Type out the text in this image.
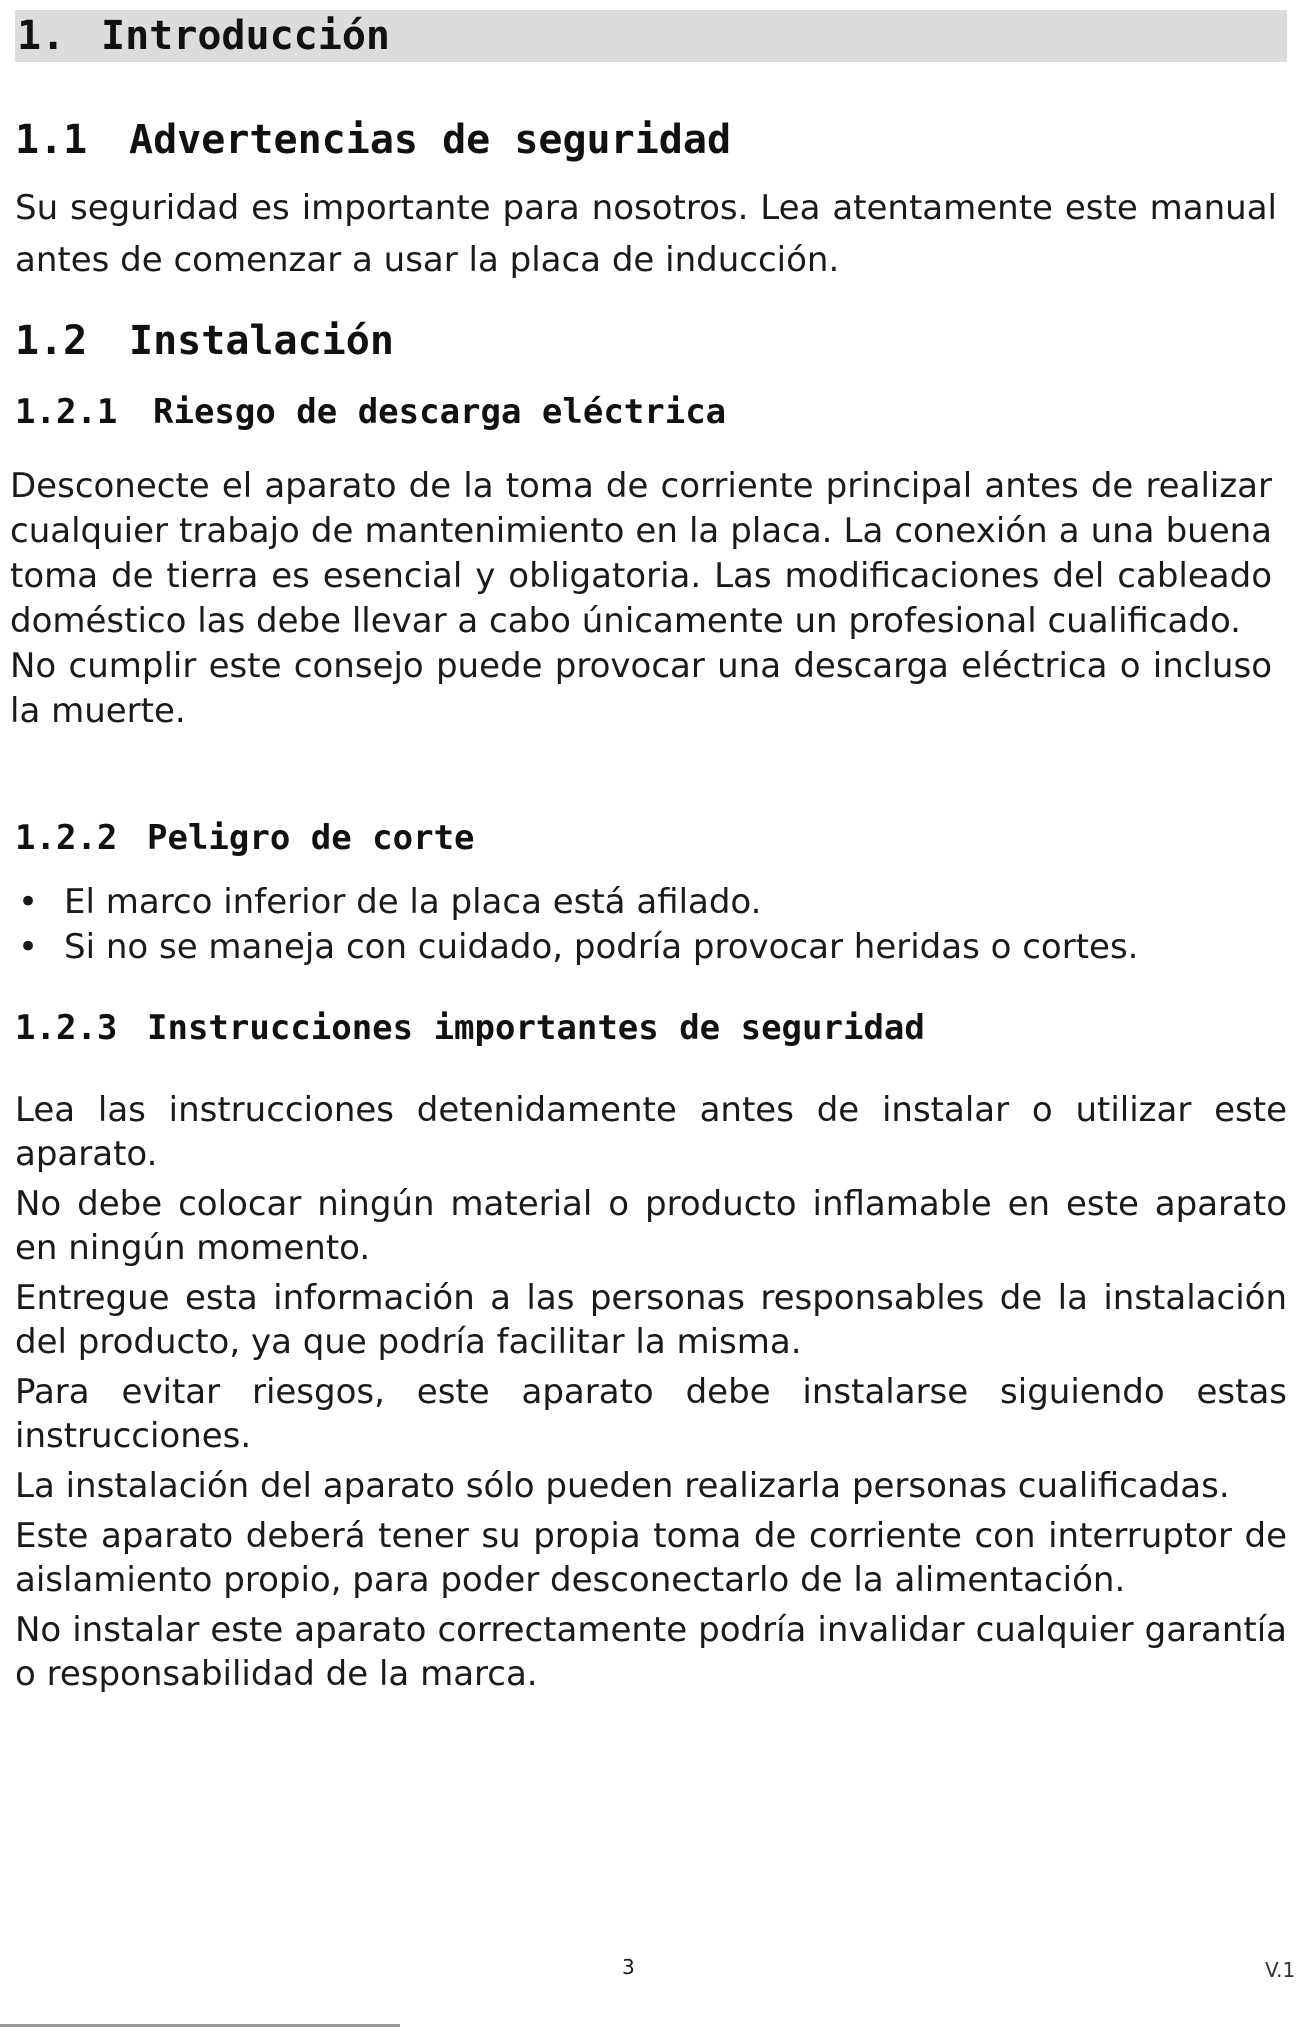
1. Introducción
1.1	Advertencias de seguridad

Su seguridad es importante para nosotros. Lea atentamente este manual antes de comenzar a usar la placa de inducción.

1.2	Instalación
1.2.1	Riesgo de descarga eléctrica

Desconecte el aparato de la toma de corriente principal antes de realizar cualquier trabajo de mantenimiento en la placa. La conexión a una buena toma de tierra es esencial y obligatoria. Las modificaciones del cableado doméstico las debe llevar a cabo únicamente un profesional cualificado.

No cumplir este consejo puede provocar una descarga eléctrica o incluso la muerte.

1.2.2 Peligro de corte
• El marco inferior de la placa está afilado.
• Si no se maneja con cuidado, podría provocar heridas o cortes.
1.2.3 Instrucciones importantes de seguridad

Lea las instrucciones detenidamente antes de instalar o utilizar este aparato.

No debe colocar ningún material o producto inflamable en este aparato en ningún momento.

Entregue esta información a las personas responsables de la instalación del producto, ya que podría facilitar la misma.

Para evitar riesgos, este aparato debe instalarse siguiendo estas instrucciones.

La instalación del aparato sólo pueden realizarla personas cualificadas.

Este aparato deberá tener su propia toma de corriente con interruptor de aislamiento propio, para poder desconectarlo de la alimentación.

No instalar este aparato correctamente podría invalidar cualquier garantía o responsabilidad de la marca.

3	V.1
